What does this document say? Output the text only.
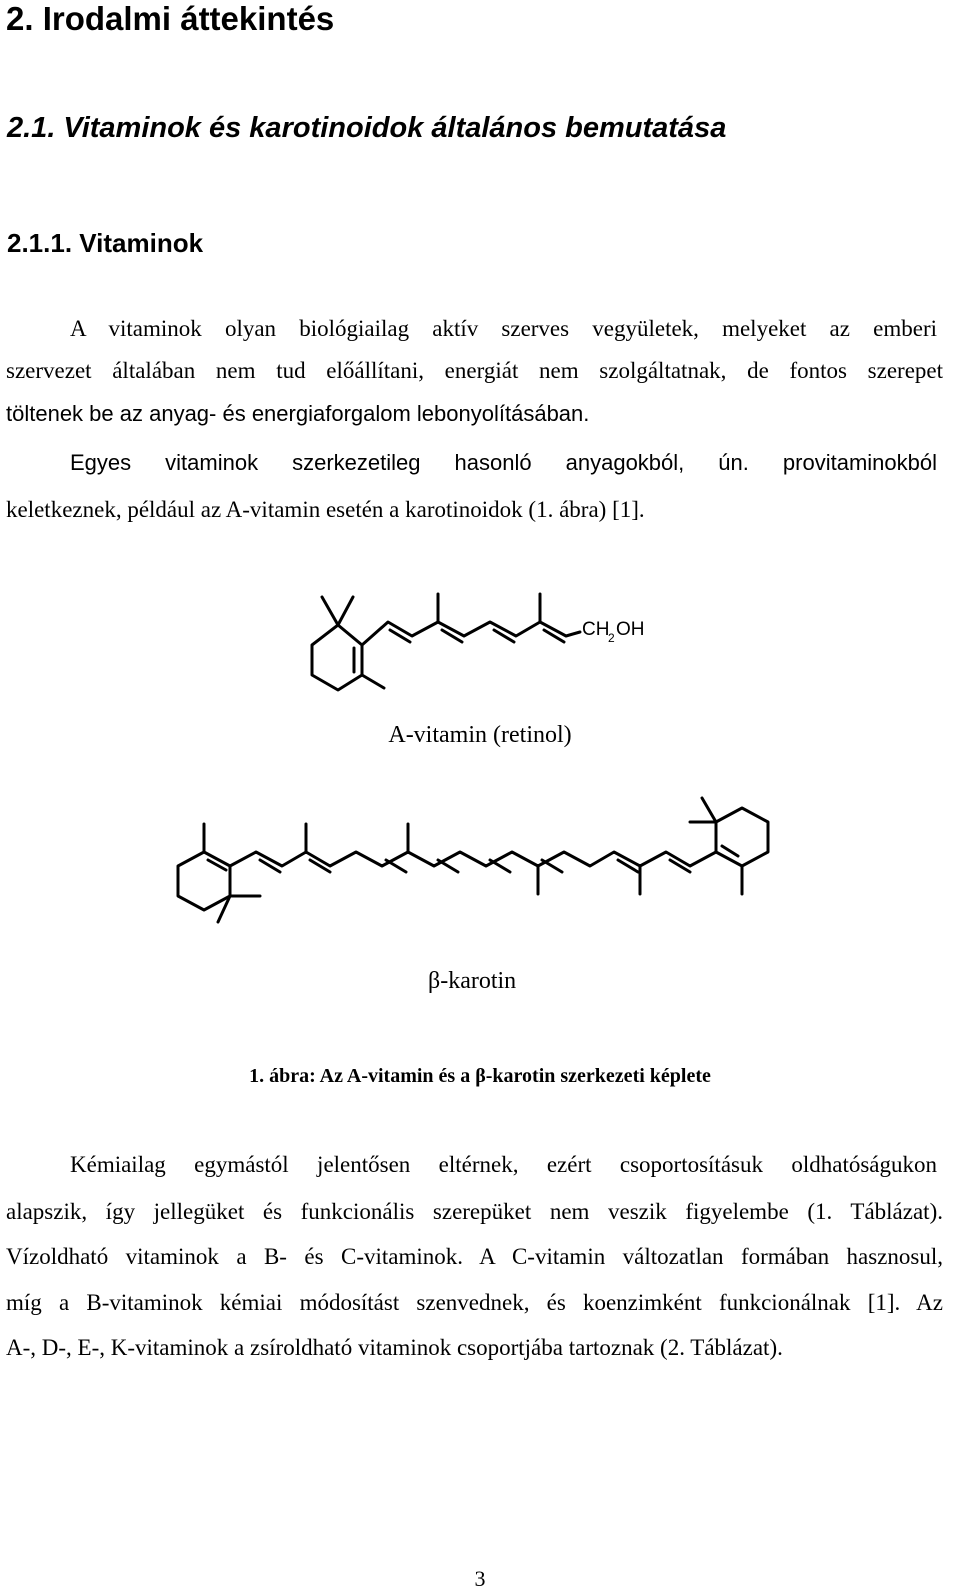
2. Irodalmi áttekintés
2.1. Vitaminok és karotinoidok általános bemutatása
2.1.1. Vitaminok
A vitaminok olyan biológiailag aktív szerves vegyületek, melyeket az emberi
szervezet általában nem tud előállítani, energiát nem szolgáltatnak, de fontos szerepet
töltenek be az anyag- és energiaforgalom lebonyolításában.
Egyes vitaminok szerkezetileg hasonló anyagokból, ún. provitaminokból
keletkeznek, például az A-vitamin esetén a karotinoidok (1. ábra) [1].
CH
2 OH
A-vitamin (retinol)
β-karotin
1. ábra: Az A-vitamin és a β-karotin szerkezeti képlete
Kémiailag egymástól jelentősen eltérnek, ezért csoportosításuk oldhatóságukon
alapszik, így jellegüket és funkcionális szerepüket nem veszik figyelembe (1. Táblázat).
Vízoldható vitaminok a B- és C-vitaminok. A C-vitamin változatlan formában hasznosul,
míg a B-vitaminok kémiai módosítást szenvednek, és koenzimként funkcionálnak [1]. Az
A-, D-, E-, K-vitaminok a zsíroldható vitaminok csoportjába tartoznak (2. Táblázat).
3
